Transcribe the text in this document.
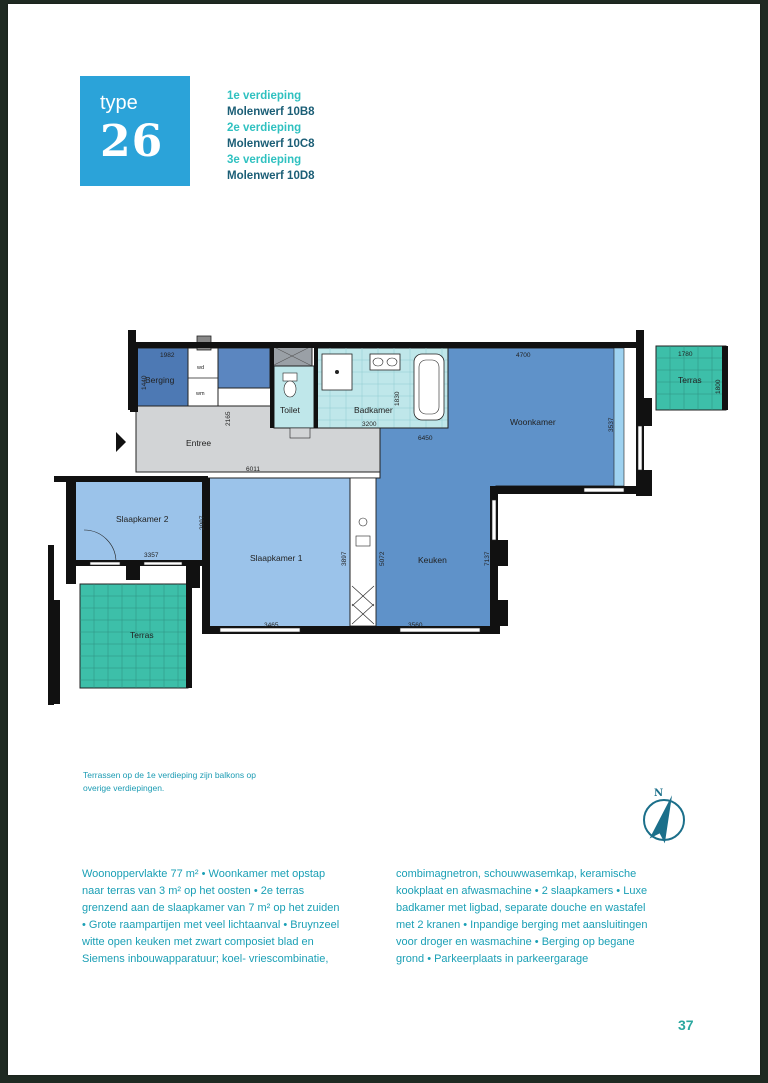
type
26
1e verdieping
Molenwerf 10B8
2e verdieping
Molenwerf 10C8
3e verdieping
Molenwerf 10D8
Terrassen op de 1e verdieping zijn balkons op overige verdiepingen.
Woonoppervlakte 77 m² • Woonkamer met opstap naar terras van 3 m² op het oosten • 2e terras grenzend aan de slaapkamer van 7 m² op het zuiden • Grote raampartijen met veel lichtaanval • Bruynzeel witte open keuken met zwart composiet blad en Siemens inbouwapparatuur; koel- vriescombinatie,
combimagnetron, schouwwasemkap, keramische kookplaat en afwasmachine • 2 slaapkamers • Luxe badkamer met ligbad, separate douche en wastafel met 2 kranen • Inpandige berging met aansluitingen voor droger en wasmachine • Berging op begane grond • Parkeerplaats in parkeergarage
37
Berging
wd
wm
Toilet	Badkamer
Entree
Woonkamer
Keuken
Slaapkamer 2
Slaapkamer 1
Terras
Terras
1982
1440
2165
6011
3200
1830
4700
3537
6450
1780
1800
3357
2097
3897
3465
5072	7137
3560
N
